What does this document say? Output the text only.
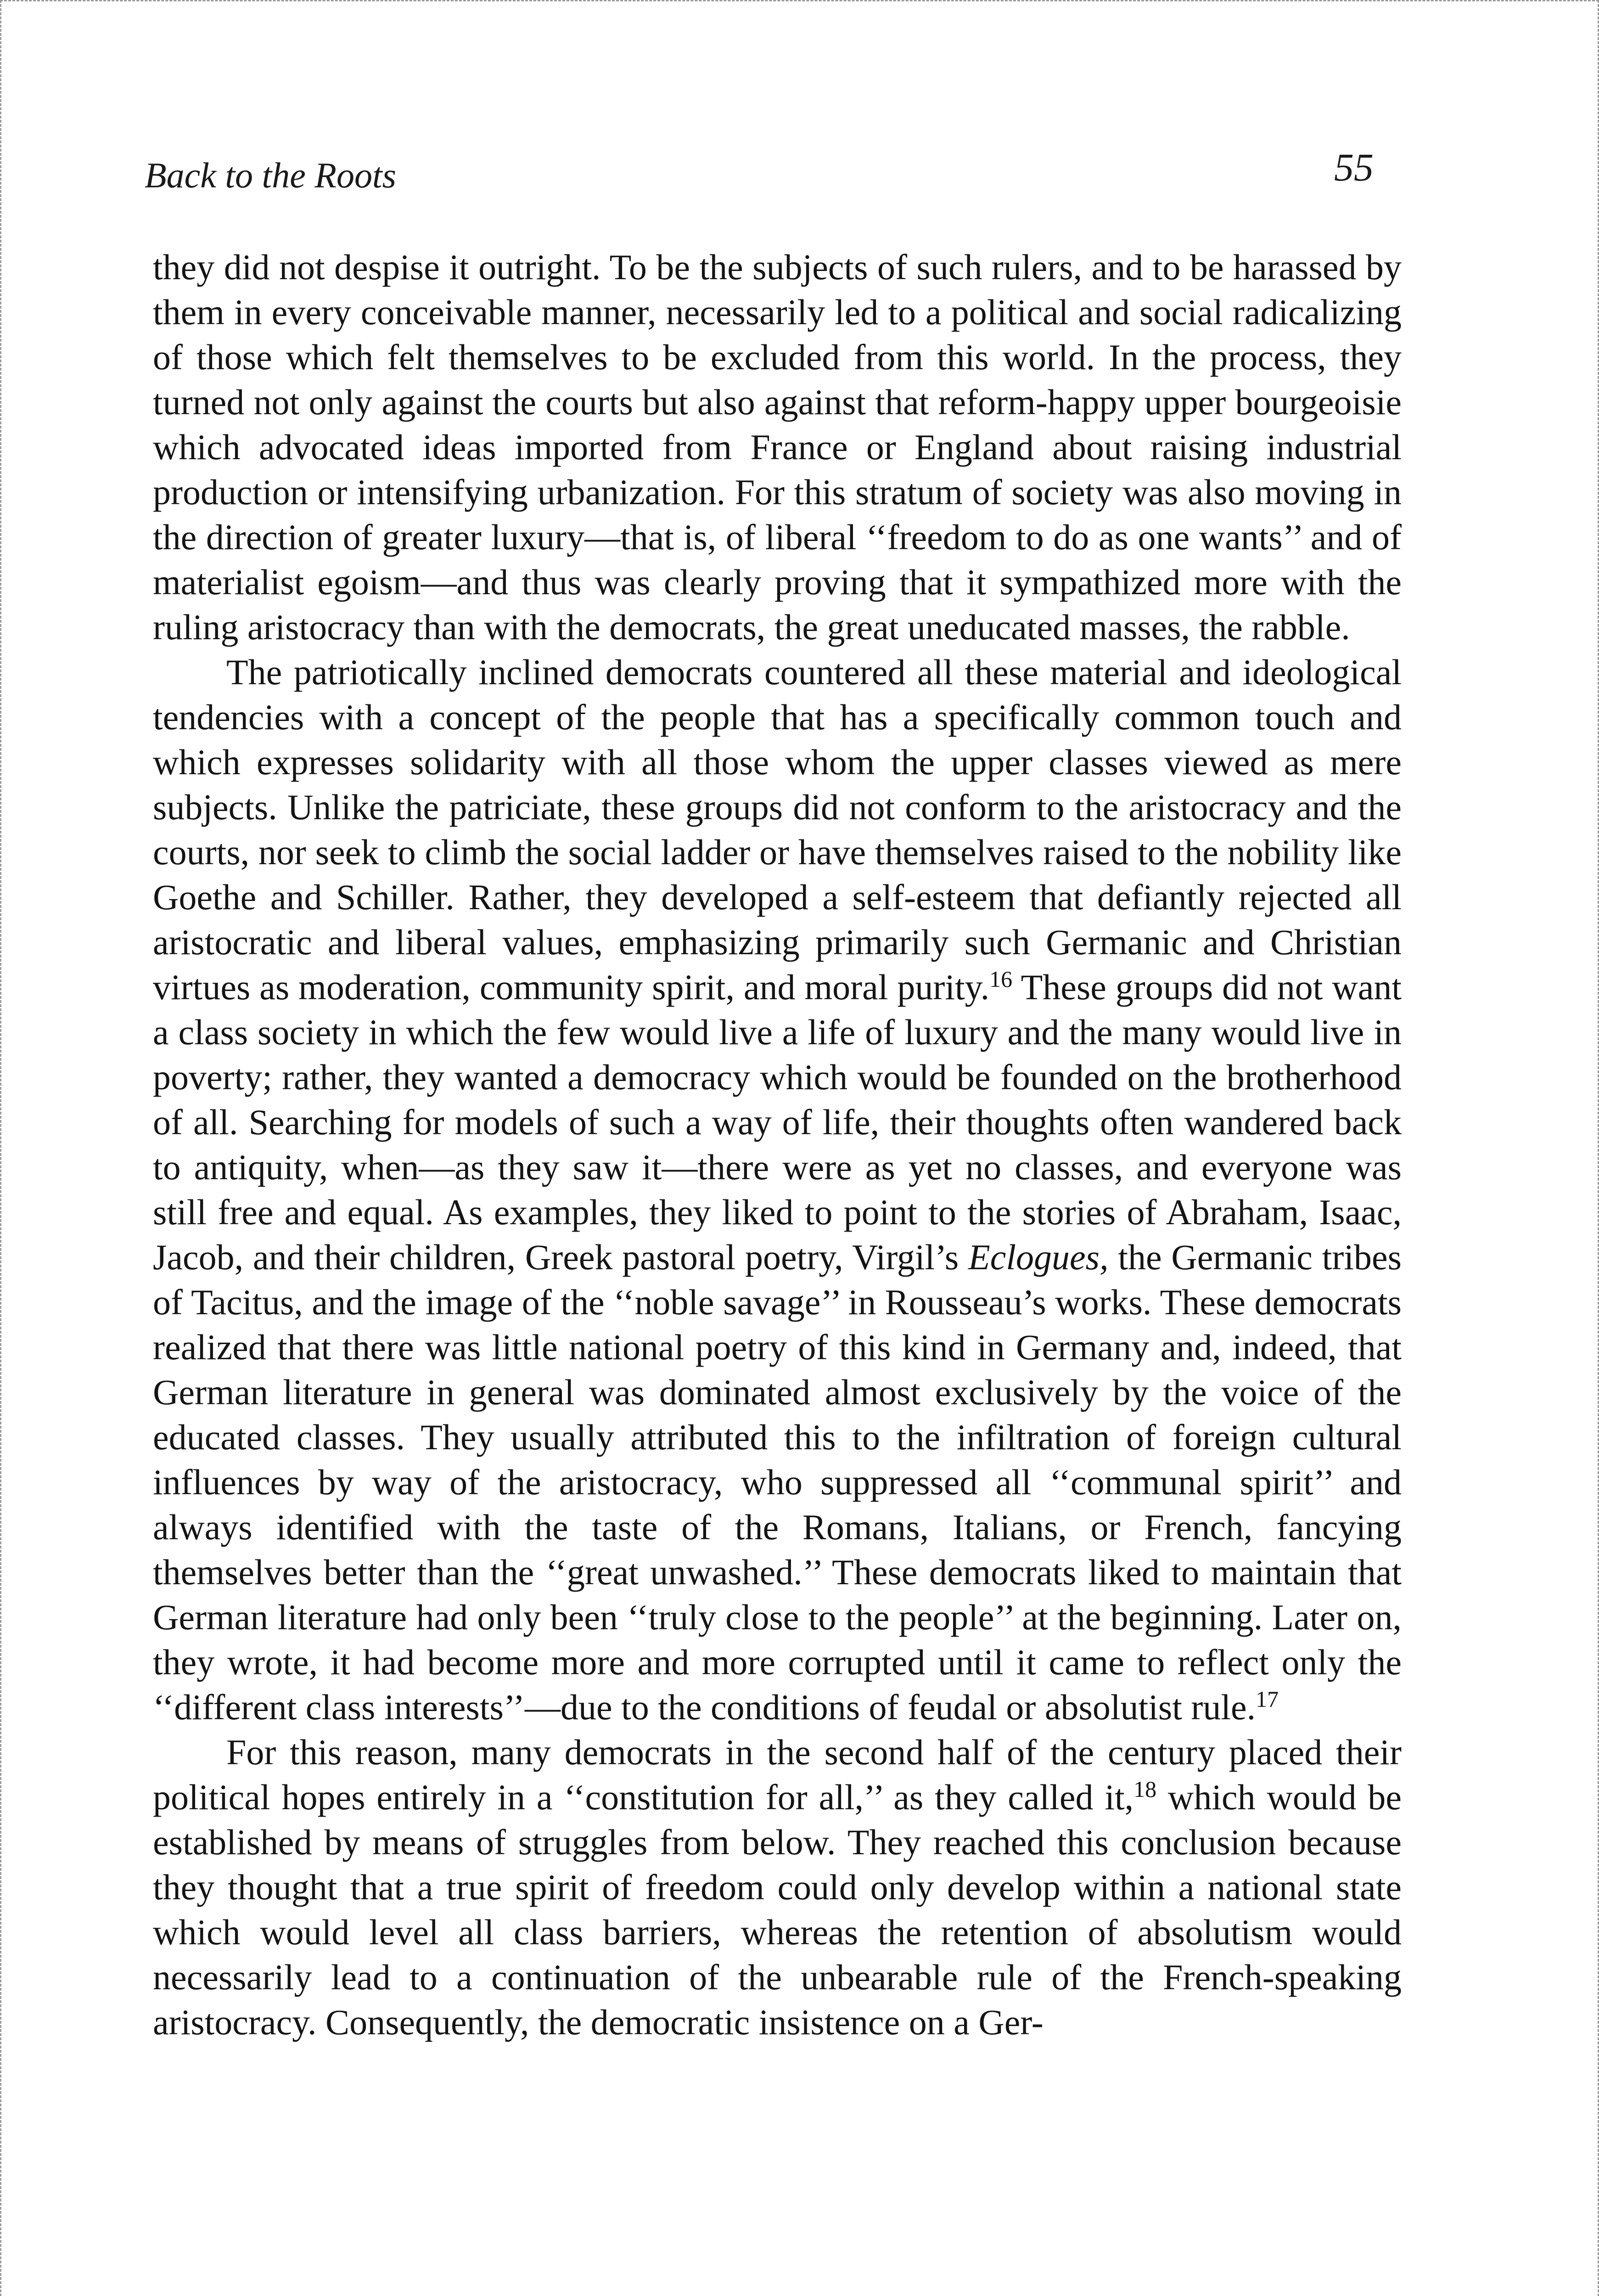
Back to the Roots	55

they did not despise it outright. To be the subjects of such rulers, and to be harassed by them in every conceivable manner, necessarily led to a political and social radicalizing of those which felt themselves to be excluded from this world. In the process, they turned not only against the courts but also against that reform-happy upper bourgeoisie which advocated ideas imported from France or England about raising industrial production or intensifying urbanization. For this stratum of society was also moving in the direction of greater luxury—that is, of liberal ‘‘freedom to do as one wants’’ and of materialist egoism—and thus was clearly proving that it sympathized more with the ruling aristocracy than with the democrats, the great uneducated masses, the rabble.

The patriotically inclined democrats countered all these material and ideological tendencies with a concept of the people that has a specifically common touch and which expresses solidarity with all those whom the upper classes viewed as mere subjects. Unlike the patriciate, these groups did not conform to the aristocracy and the courts, nor seek to climb the social ladder or have themselves raised to the nobility like Goethe and Schiller. Rather, they developed a self-esteem that defiantly rejected all aristocratic and liberal values, emphasizing primarily such Germanic and Christian virtues as moderation, community spirit, and moral purity.$^{16}$ These groups did not want a class society in which the few would live a life of luxury and the many would live in poverty; rather, they wanted a democracy which would be founded on the brotherhood of all. Searching for models of such a way of life, their thoughts often wandered back to antiquity, when—as they saw it—there were as yet no classes, and everyone was still free and equal. As examples, they liked to point to the stories of Abraham, Isaac, Jacob, and their children, Greek pastoral poetry, Virgil’s Eclogues, the Germanic tribes of Tacitus, and the image of the ‘‘noble savage’’ in Rousseau’s works. These democrats realized that there was little national poetry of this kind in Germany and, indeed, that German literature in general was dominated almost exclusively by the voice of the educated classes. They usually attributed this to the infiltration of foreign cultural influences by way of the aristocracy, who suppressed all ‘‘communal spirit’’ and always identified with the taste of the Romans, Italians, or French, fancying themselves better than the ‘‘great unwashed.’’ These democrats liked to maintain that German literature had only been ‘‘truly close to the people’’ at the beginning. Later on, they wrote, it had become more and more corrupted until it came to reflect only the ‘‘different class interests’’—due to the conditions of feudal or absolutist rule.$^{17}$

For this reason, many democrats in the second half of the century placed their political hopes entirely in a ‘‘constitution for all,’’ as they called it,$^{18}$ which would be established by means of struggles from below. They reached this conclusion because they thought that a true spirit of freedom could only develop within a national state which would level all class barriers, whereas the retention of absolutism would necessarily lead to a continuation of the unbearable rule of the French-speaking aristocracy. Consequently, the democratic insistence on a Ger-
